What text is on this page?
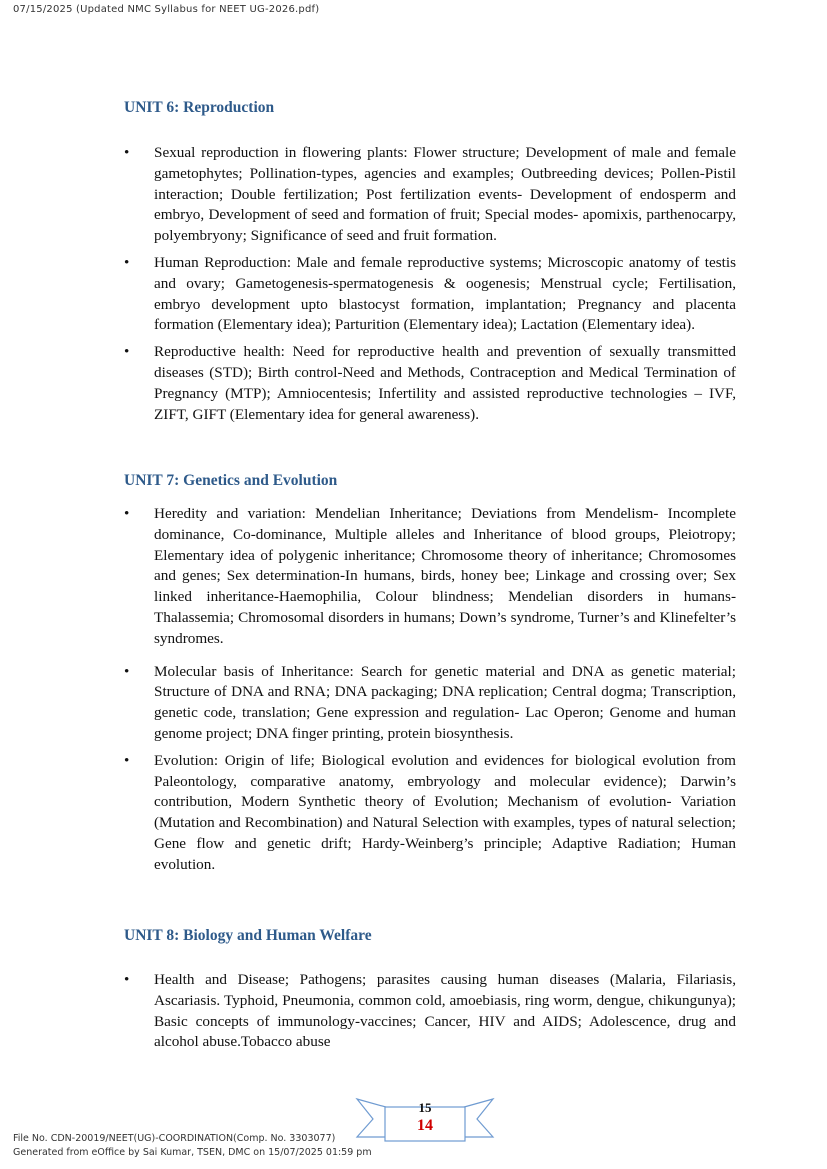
07/15/2025 (Updated NMC Syllabus for NEET UG-2026.pdf)
UNIT 6: Reproduction
• Sexual reproduction in flowering plants: Flower structure; Development of male and female gametophytes; Pollination-types, agencies and examples; Outbreeding devices; Pollen-Pistil interaction; Double fertilization; Post fertilization events- Development of endosperm and embryo, Development of seed and formation of fruit; Special modes- apomixis, parthenocarpy, polyembryony; Significance of seed and fruit formation.
• Human Reproduction: Male and female reproductive systems; Microscopic anatomy of testis and ovary; Gametogenesis-spermatogenesis & oogenesis; Menstrual cycle; Fertilisation, embryo development upto blastocyst formation, implantation; Pregnancy and placenta formation (Elementary idea); Parturition (Elementary idea); Lactation (Elementary idea).
• Reproductive health: Need for reproductive health and prevention of sexually transmitted diseases (STD); Birth control-Need and Methods, Contraception and Medical Termination of Pregnancy (MTP); Amniocentesis; Infertility and assisted reproductive technologies – IVF, ZIFT, GIFT (Elementary idea for general awareness).
UNIT 7: Genetics and Evolution
• Heredity and variation: Mendelian Inheritance; Deviations from Mendelism- Incomplete dominance, Co-dominance, Multiple alleles and Inheritance of blood groups, Pleiotropy; Elementary idea of polygenic inheritance; Chromosome theory of inheritance; Chromosomes and genes; Sex determination-In humans, birds, honey bee; Linkage and crossing over; Sex linked inheritance-Haemophilia, Colour blindness; Mendelian disorders in humans-Thalassemia; Chromosomal disorders in humans; Down’s syndrome, Turner’s and Klinefelter’s syndromes.
• Molecular basis of Inheritance: Search for genetic material and DNA as genetic material; Structure of DNA and RNA; DNA packaging; DNA replication; Central dogma; Transcription, genetic code, translation; Gene expression and regulation- Lac Operon; Genome and human genome project; DNA finger printing, protein biosynthesis.
• Evolution: Origin of life; Biological evolution and evidences for biological evolution from Paleontology, comparative anatomy, embryology and molecular evidence); Darwin’s contribution, Modern Synthetic theory of Evolution; Mechanism of evolution- Variation (Mutation and Recombination) and Natural Selection with examples, types of natural selection; Gene flow and genetic drift; Hardy-Weinberg’s principle; Adaptive Radiation; Human evolution.
UNIT 8: Biology and Human Welfare
• Health and Disease; Pathogens; parasites causing human diseases (Malaria, Filariasis, Ascariasis. Typhoid, Pneumonia, common cold, amoebiasis, ring worm, dengue, chikungunya); Basic concepts of immunology-vaccines; Cancer, HIV and AIDS; Adolescence, drug and alcohol abuse.Tobacco abuse
15
14
File No. CDN-20019/NEET(UG)-COORDINATION(Comp. No. 3303077)
Generated from eOffice by Sai Kumar, TSEN, DMC on 15/07/2025 01:59 pm
